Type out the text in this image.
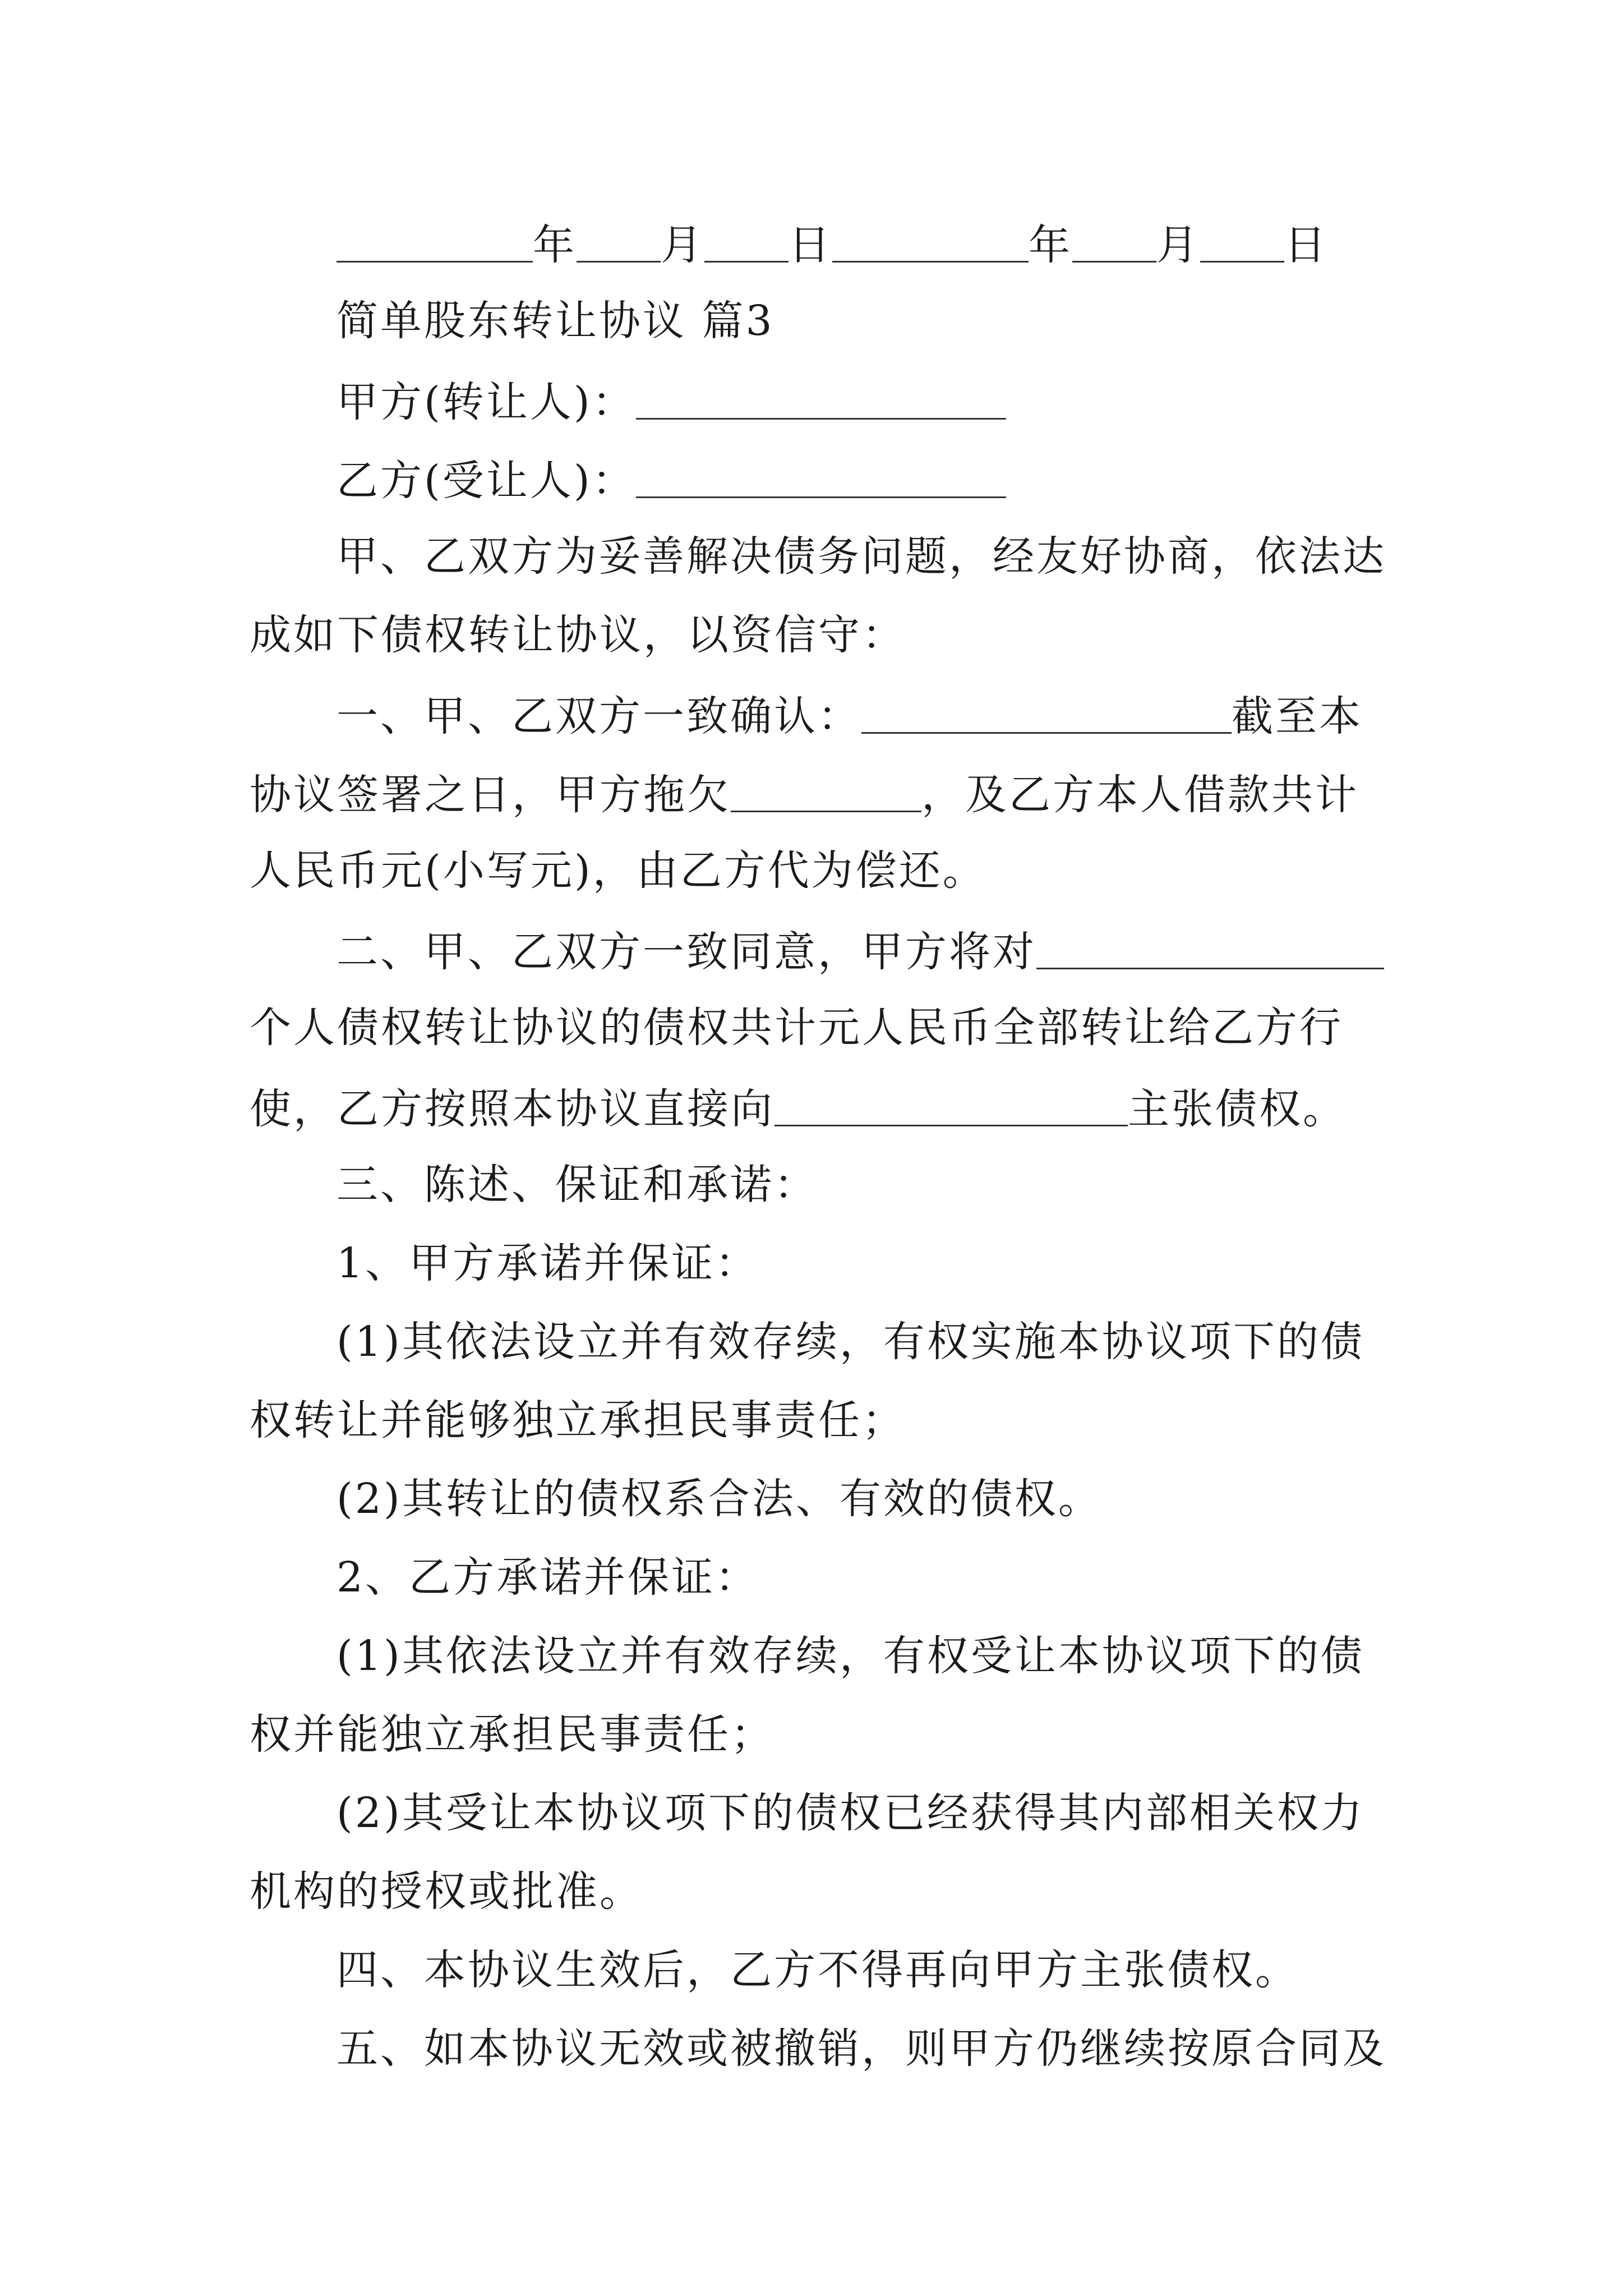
年 月 日	年 月 日
简单股东转让协议 篇3
甲方(转让人)：
乙方(受让人)：
甲、乙双方为妥善解决债务问题，经友好协商，依法达
成如下债权转让协议，以资信守：
一、甲、乙双方一致确认：	截至本
协议签署之日，甲方拖欠	，及乙方本人借款共计
人民币元(小写元)，由乙方代为偿还。
二、甲、乙双方一致同意，甲方将对
个人债权转让协议的债权共计元人民币全部转让给乙方行
使，乙方按照本协议直接向	主张债权。
三、陈述、保证和承诺：
1、甲方承诺并保证：
(1)其依法设立并有效存续，有权实施本协议项下的债
权转让并能够独立承担民事责任；
(2)其转让的债权系合法、有效的债权。
2、乙方承诺并保证：
(1)其依法设立并有效存续，有权受让本协议项下的债
权并能独立承担民事责任；
(2)其受让本协议项下的债权已经获得其内部相关权力
机构的授权或批准。
四、本协议生效后，乙方不得再向甲方主张债权。
五、如本协议无效或被撤销，则甲方仍继续按原合同及
